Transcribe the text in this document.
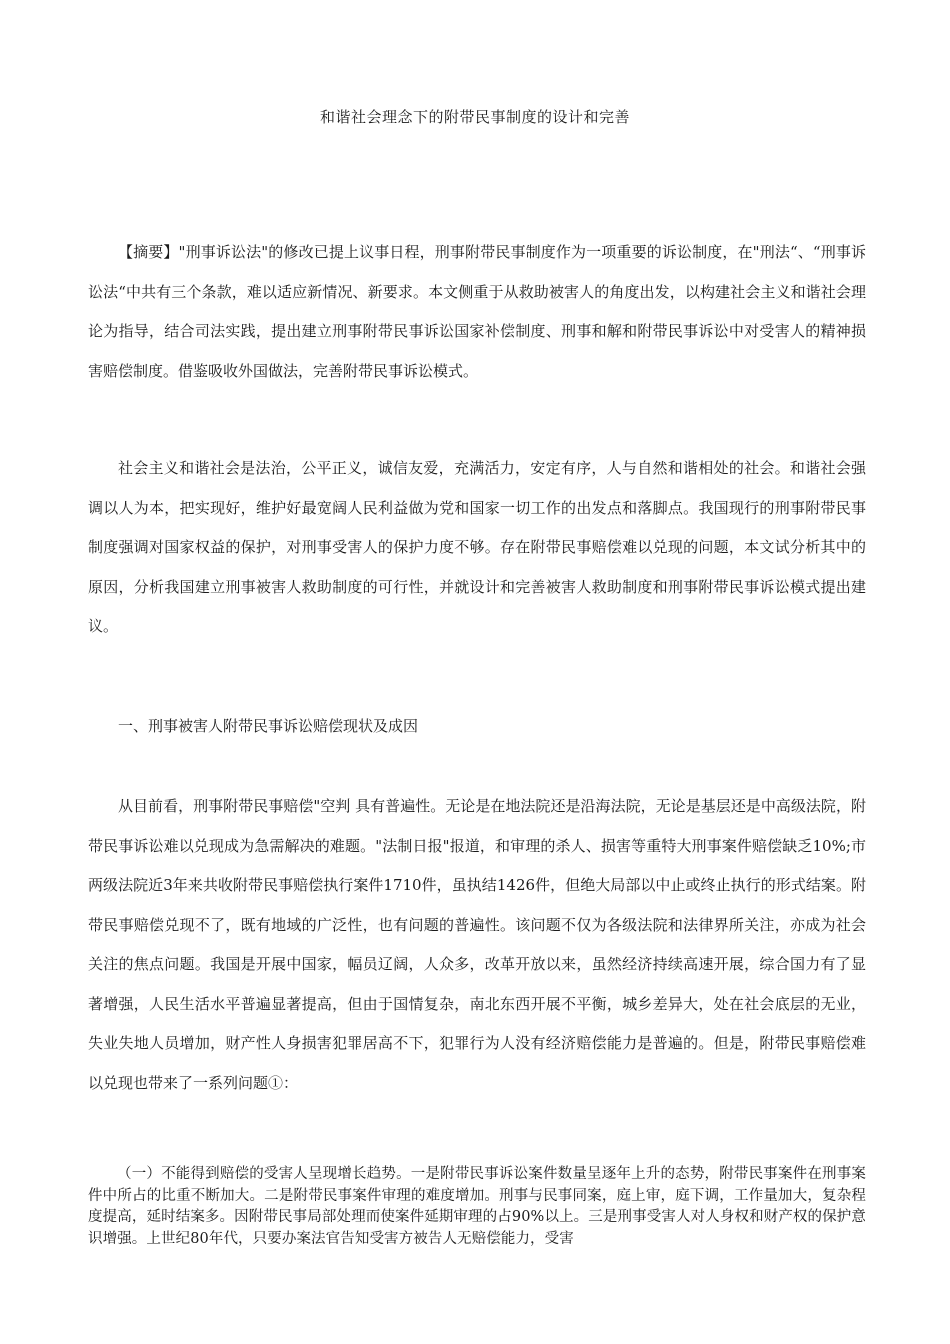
和谐社会理念下的附带民事制度的设计和完善

【摘要】"刑事诉讼法"的修改已提上议事日程，刑事附带民事制度作为一项重要的诉讼制度，在"刑法“、“刑事诉讼法“中共有三个条款，难以适应新情况、新要求。本文侧重于从救助被害人的角度出发，以构建社会主义和谐社会理论为指导，结合司法实践，提出建立刑事附带民事诉讼国家补偿制度、刑事和解和附带民事诉讼中对受害人的精神损害赔偿制度。借鉴吸收外国做法，完善附带民事诉讼模式。

社会主义和谐社会是法治，公平正义，诚信友爱，充满活力，安定有序，人与自然和谐相处的社会。和谐社会强调以人为本，把实现好，维护好最宽阔人民利益做为党和国家一切工作的出发点和落脚点。我国现行的刑事附带民事制度强调对国家权益的保护，对刑事受害人的保护力度不够。存在附带民事赔偿难以兑现的问题，本文试分析其中的原因，分析我国建立刑事被害人救助制度的可行性，并就设计和完善被害人救助制度和刑事附带民事诉讼模式提出建议。

一、刑事被害人附带民事诉讼赔偿现状及成因

从目前看，刑事附带民事赔偿"空判 具有普遍性。无论是在地法院还是沿海法院，无论是基层还是中高级法院，附带民事诉讼难以兑现成为急需解决的难题。"法制日报"报道，和审理的杀人、损害等重特大刑事案件赔偿缺乏10%;市两级法院近3年来共收附带民事赔偿执行案件1710件，虽执结1426件，但绝大局部以中止或终止执行的形式结案。附带民事赔偿兑现不了，既有地域的广泛性，也有问题的普遍性。该问题不仅为各级法院和法律界所关注，亦成为社会关注的焦点问题。我国是开展中国家，幅员辽阔，人众多，改革开放以来，虽然经济持续高速开展，综合国力有了显著增强，人民生活水平普遍显著提高，但由于国情复杂，南北东西开展不平衡，城乡差异大，处在社会底层的无业，失业失地人员增加，财产性人身损害犯罪居高不下，犯罪行为人没有经济赔偿能力是普遍的。但是，附带民事赔偿难以兑现也带来了一系列问题①：

（一）不能得到赔偿的受害人呈现增长趋势。一是附带民事诉讼案件数量呈逐年上升的态势，附带民事案件在刑事案件中所占的比重不断加大。二是附带民事案件审理的难度增加。刑事与民事同案，庭上审，庭下调，工作量加大，复杂程度提高，延时结案多。因附带民事局部处理而使案件延期审理的占90%以上。三是刑事受害人对人身权和财产权的保护意识增强。上世纪80年代，只要办案法官告知受害方被告人无赔偿能力，受害
